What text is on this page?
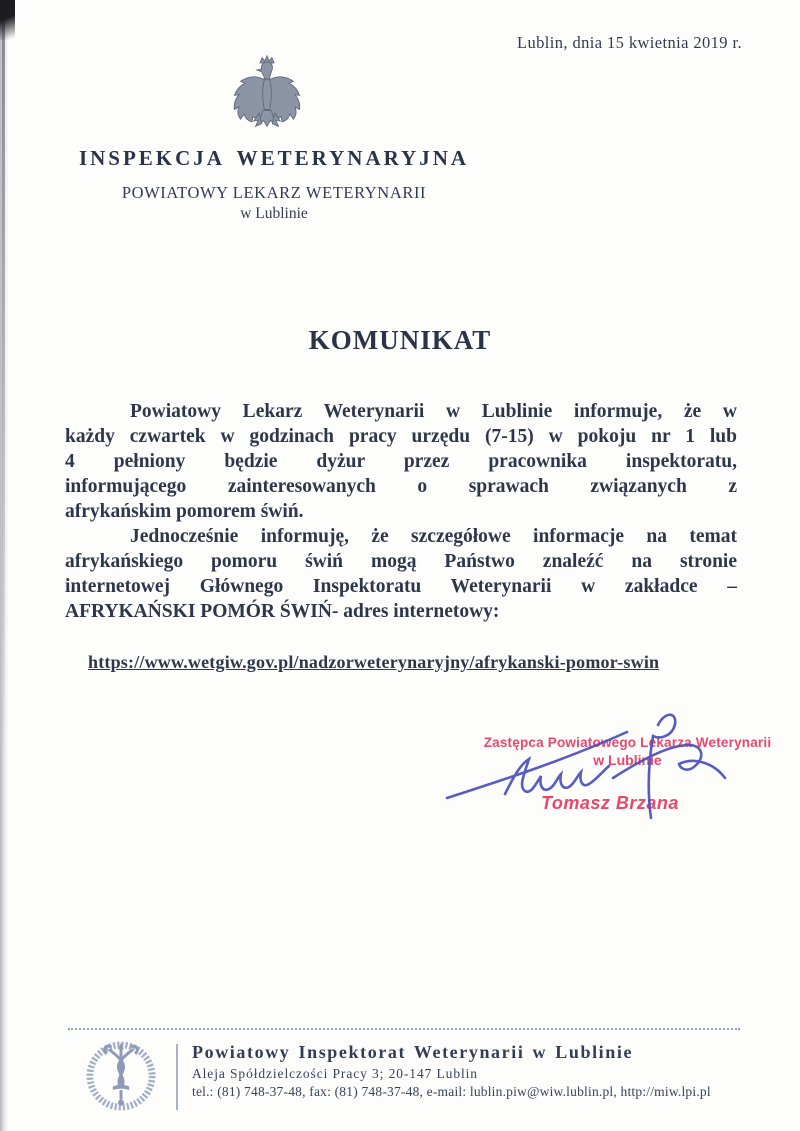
Lublin, dnia 15 kwietnia 2019 r.
INSPEKCJA WETERYNARYJNA
POWIATOWY LEKARZ WETERYNARII
w Lublinie
KOMUNIKAT
Powiatowy Lekarz Weterynarii w Lublinie informuje, że w
każdy czwartek w godzinach pracy urzędu (7-15) w pokoju nr 1 lub
4 pełniony będzie dyżur przez pracownika inspektoratu,
informującego zainteresowanych o sprawach związanych z
afrykańskim pomorem świń.
Jednocześnie informuję, że szczegółowe informacje na temat
afrykańskiego pomoru świń mogą Państwo znaleźć na stronie
internetowej Głównego Inspektoratu Weterynarii w zakładce –
AFRYKAŃSKI POMÓR ŚWIŃ- adres internetowy:
https://www.wetgiw.gov.pl/nadzorweterynaryjny/afrykanski-pomor-swin
Zastępca Powiatowego Lekarza Weterynarii
w Lublinie
Tomasz Brzana
Powiatowy Inspektorat Weterynarii w Lublinie
Aleja Spółdzielczości Pracy 3; 20-147 Lublin
tel.: (81) 748-37-48, fax: (81) 748-37-48, e-mail: lublin.piw@wiw.lublin.pl, http://miw.lpi.pl
